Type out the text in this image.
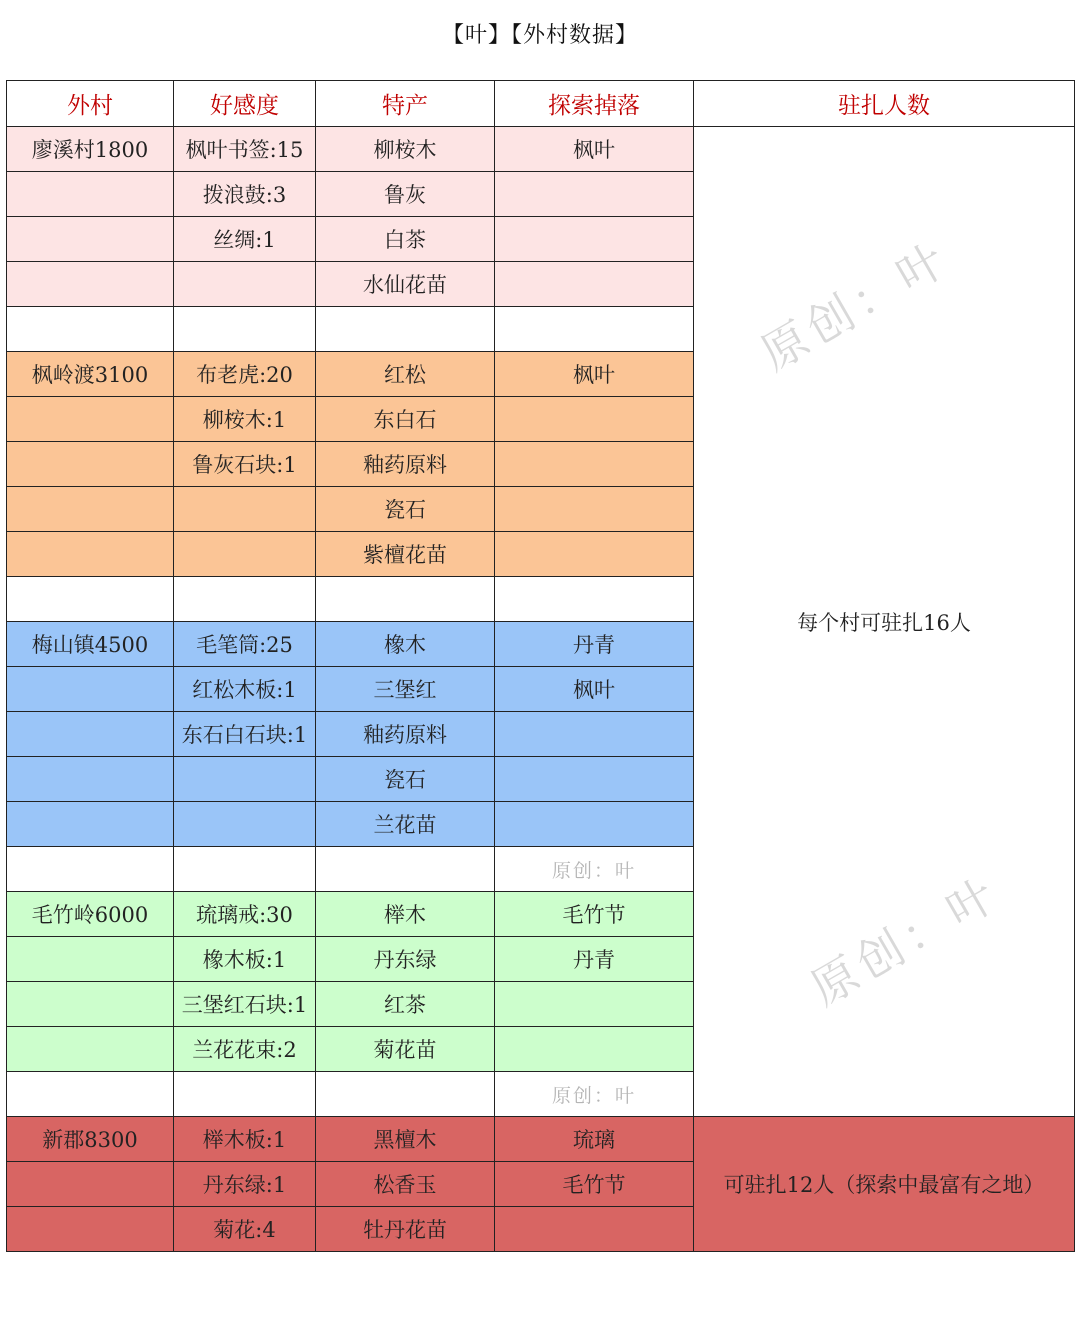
【叶】【外村数据】
外村	好感度	特产	探索掉落	驻扎人数
廖溪村1800	枫叶书签:15	柳桉木	枫叶	每个村可驻扎16人
	拨浪鼓:3	鲁灰		
	丝绸:1	白茶		
		水仙花苗		

枫岭渡3100	布老虎:20	红松	枫叶	
	柳桉木:1	东白石		
	鲁灰石块:1	釉药原料		
		瓷石		
		紫檀花苗		

梅山镇4500	毛笔筒:25	橡木	丹青	
	红松木板:1	三堡红	枫叶	
	东石白石块:1	釉药原料		
		瓷石		
		兰花苗		
			原创：叶	
毛竹岭6000	琉璃戒:30	榉木	毛竹节	
	橡木板:1	丹东绿	丹青	
	三堡红石块:1	红茶		
	兰花花束:2	菊花苗		
			原创：叶	
新郡8300	榉木板:1	黑檀木	琉璃	可驻扎12人（探索中最富有之地）
	丹东绿:1	松香玉	毛竹节	
	菊花:4	牡丹花苗		
原创：叶
原创：叶
